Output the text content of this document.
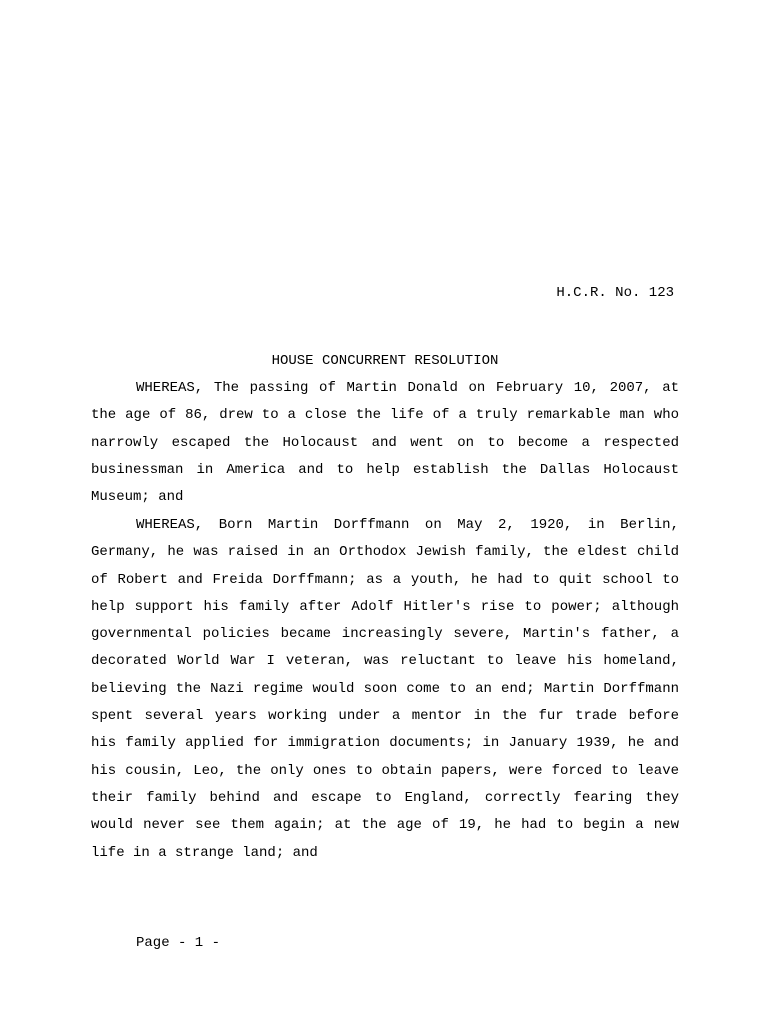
H.C.R. No. 123
HOUSE CONCURRENT RESOLUTION

WHEREAS, The passing of Martin Donald on February 10, 2007, at the age of 86, drew to a close the life of a truly remarkable man who narrowly escaped the Holocaust and went on to become a respected businessman in America and to help establish the Dallas Holocaust Museum; and

WHEREAS, Born Martin Dorffmann on May 2, 1920, in Berlin, Germany, he was raised in an Orthodox Jewish family, the eldest child of Robert and Freida Dorffmann; as a youth, he had to quit school to help support his family after Adolf Hitler's rise to power; although governmental policies became increasingly severe, Martin's father, a decorated World War I veteran, was reluctant to leave his homeland, believing the Nazi regime would soon come to an end; Martin Dorffmann spent several years working under a mentor in the fur trade before his family applied for immigration documents; in January 1939, he and his cousin, Leo, the only ones to obtain papers, were forced to leave their family behind and escape to England, correctly fearing they would never see them again; at the age of 19, he had to begin a new life in a strange land; and

Page - 1 -
